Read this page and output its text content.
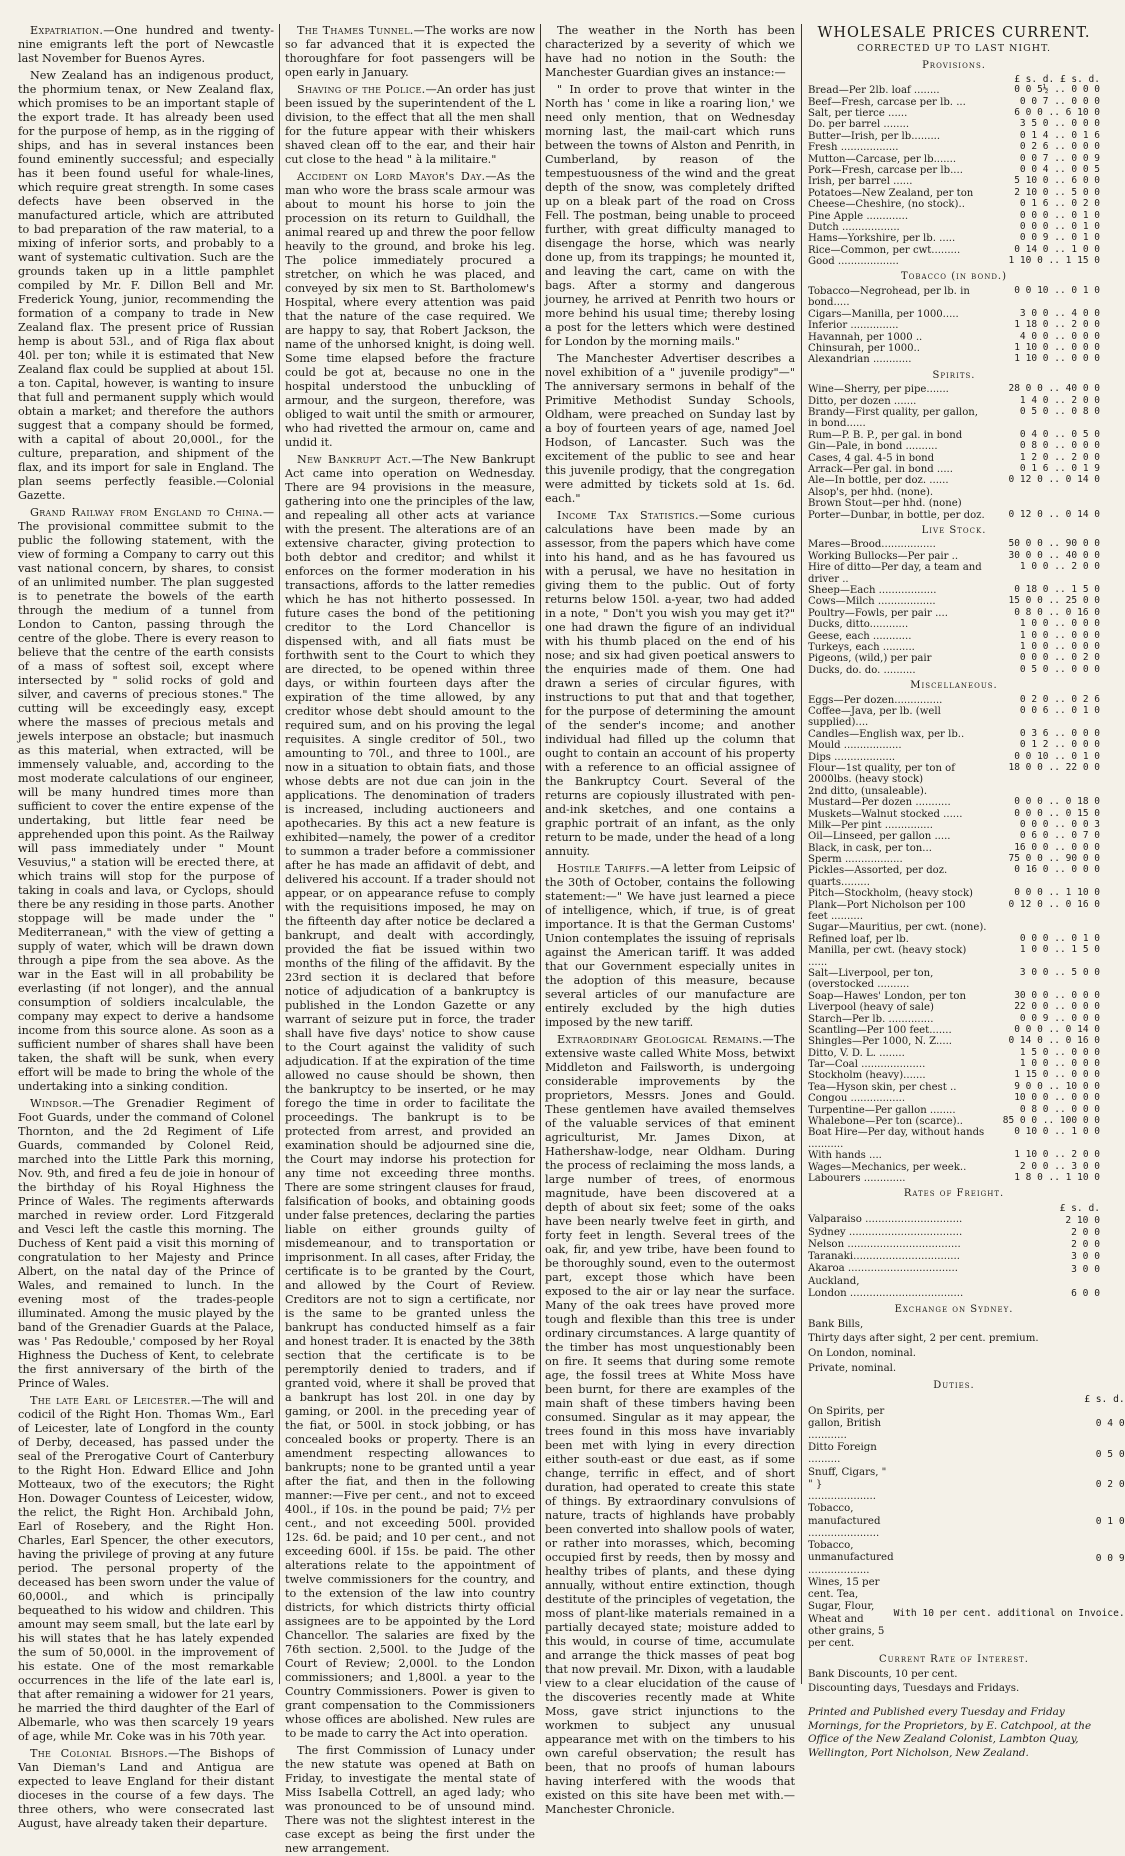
Expatriation.—One hundred and twenty-nine emigrants left the port of Newcastle last November for Buenos Ayres.

New Zealand has an indigenous product, the phormium tenax, or New Zealand flax, which promises to be an important staple of the export trade. It has already been used for the purpose of hemp, as in the rigging of ships, and has in several instances been found eminently successful; and especially has it been found useful for whale-lines, which require great strength. In some cases defects have been observed in the manufactured article, which are attributed to bad preparation of the raw material, to a mixing of inferior sorts, and probably to a want of systematic cultivation. Such are the grounds taken up in a little pamphlet compiled by Mr. F. Dillon Bell and Mr. Frederick Young, junior, recommending the formation of a company to trade in New Zealand flax. The present price of Russian hemp is about 53l., and of Riga flax about 40l. per ton; while it is estimated that New Zealand flax could be supplied at about 15l. a ton. Capital, however, is wanting to insure that full and permanent supply which would obtain a market; and therefore the authors suggest that a company should be formed, with a capital of about 20,000l., for the culture, preparation, and shipment of the flax, and its import for sale in England. The plan seems perfectly feasible.—Colonial Gazette.

Grand Railway from England to China.—The provisional committee submit to the public the following statement, with the view of forming a Company to carry out this vast national concern, by shares, to consist of an unlimited number. The plan suggested is to penetrate the bowels of the earth through the medium of a tunnel from London to Canton, passing through the centre of the globe. There is every reason to believe that the centre of the earth consists of a mass of softest soil, except where intersected by " solid rocks of gold and silver, and caverns of precious stones." The cutting will be exceedingly easy, except where the masses of precious metals and jewels interpose an obstacle; but inasmuch as this material, when extracted, will be immensely valuable, and, according to the most moderate calculations of our engineer, will be many hundred times more than sufficient to cover the entire expense of the undertaking, but little fear need be apprehended upon this point. As the Railway will pass immediately under " Mount Vesuvius," a station will be erected there, at which trains will stop for the purpose of taking in coals and lava, or Cyclops, should there be any residing in those parts. Another stoppage will be made under the " Mediterranean," with the view of getting a supply of water, which will be drawn down through a pipe from the sea above. As the war in the East will in all probability be everlasting (if not longer), and the annual consumption of soldiers incalculable, the company may expect to derive a handsome income from this source alone. As soon as a sufficient number of shares shall have been taken, the shaft will be sunk, when every effort will be made to bring the whole of the undertaking into a sinking condition.

Windsor.—The Grenadier Regiment of Foot Guards, under the command of Colonel Thornton, and the 2d Regiment of Life Guards, commanded by Colonel Reid, marched into the Little Park this morning, Nov. 9th, and fired a feu de joie in honour of the birthday of his Royal Highness the Prince of Wales. The regiments afterwards marched in review order. Lord Fitzgerald and Vesci left the castle this morning. The Duchess of Kent paid a visit this morning of congratulation to her Majesty and Prince Albert, on the natal day of the Prince of Wales, and remained to lunch. In the evening most of the trades-people illuminated. Among the music played by the band of the Grenadier Guards at the Palace, was ' Pas Redouble,' composed by her Royal Highness the Duchess of Kent, to celebrate the first anniversary of the birth of the Prince of Wales.

The late Earl of Leicester.—The will and codicil of the Right Hon. Thomas Wm., Earl of Leicester, late of Longford in the county of Derby, deceased, has passed under the seal of the Prerogative Court of Canterbury to the Right Hon. Edward Ellice and John Motteaux, two of the executors; the Right Hon. Dowager Countess of Leicester, widow, the relict, the Right Hon. Archibald John, Earl of Rosebery, and the Right Hon. Charles, Earl Spencer, the other executors, having the privilege of proving at any future period. The personal property of the deceased has been sworn under the value of 60,000l., and which is principally bequeathed to his widow and children. This amount may seem small, but the late earl by his will states that he has lately expended the sum of 50,000l. in the improvement of his estate. One of the most remarkable occurrences in the life of the late earl is, that after remaining a widower for 21 years, he married the third daughter of the Earl of Albemarle, who was then scarcely 19 years of age, while Mr. Coke was in his 70th year.

The Colonial Bishops.—The Bishops of Van Dieman's Land and Antigua are expected to leave England for their distant dioceses in the course of a few days. The three others, who were consecrated last August, have already taken their departure.

The Thames Tunnel.—The works are now so far advanced that it is expected the thoroughfare for foot passengers will be open early in January.

Shaving of the Police.—An order has just been issued by the superintendent of the L division, to the effect that all the men shall for the future appear with their whiskers shaved clean off to the ear, and their hair cut close to the head " à la militaire."

Accident on Lord Mayor's Day.—As the man who wore the brass scale armour was about to mount his horse to join the procession on its return to Guildhall, the animal reared up and threw the poor fellow heavily to the ground, and broke his leg. The police immediately procured a stretcher, on which he was placed, and conveyed by six men to St. Bartholomew's Hospital, where every attention was paid that the nature of the case required. We are happy to say, that Robert Jackson, the name of the unhorsed knight, is doing well. Some time elapsed before the fracture could be got at, because no one in the hospital understood the unbuckling of armour, and the surgeon, therefore, was obliged to wait until the smith or armourer, who had rivetted the armour on, came and undid it.

New Bankrupt Act.—The New Bankrupt Act came into operation on Wednesday. There are 94 provisions in the measure, gathering into one the principles of the law, and repealing all other acts at variance with the present. The alterations are of an extensive character, giving protection to both debtor and creditor; and whilst it enforces on the former moderation in his transactions, affords to the latter remedies which he has not hitherto possessed. In future cases the bond of the petitioning creditor to the Lord Chancellor is dispensed with, and all fiats must be forthwith sent to the Court to which they are directed, to be opened within three days, or within fourteen days after the expiration of the time allowed, by any creditor whose debt should amount to the required sum, and on his proving the legal requisites. A single creditor of 50l., two amounting to 70l., and three to 100l., are now in a situation to obtain fiats, and those whose debts are not due can join in the applications. The denomination of traders is increased, including auctioneers and apothecaries. By this act a new feature is exhibited—namely, the power of a creditor to summon a trader before a commissioner after he has made an affidavit of debt, and delivered his account. If a trader should not appear, or on appearance refuse to comply with the requisitions imposed, he may on the fifteenth day after notice be declared a bankrupt, and dealt with accordingly, provided the fiat be issued within two months of the filing of the affidavit. By the 23rd section it is declared that before notice of adjudication of a bankruptcy is published in the London Gazette or any warrant of seizure put in force, the trader shall have five days' notice to show cause to the Court against the validity of such adjudication. If at the expiration of the time allowed no cause should be shown, then the bankruptcy to be inserted, or he may forego the time in order to facilitate the proceedings. The bankrupt is to be protected from arrest, and provided an examination should be adjourned sine die, the Court may indorse his protection for any time not exceeding three months. There are some stringent clauses for fraud, falsification of books, and obtaining goods under false pretences, declaring the parties liable on either grounds guilty of misdemeanour, and to transportation or imprisonment. In all cases, after Friday, the certificate is to be granted by the Court, and allowed by the Court of Review. Creditors are not to sign a certificate, nor is the same to be granted unless the bankrupt has conducted himself as a fair and honest trader. It is enacted by the 38th section that the certificate is to be peremptorily denied to traders, and if granted void, where it shall be proved that a bankrupt has lost 20l. in one day by gaming, or 200l. in the preceding year of the fiat, or 500l. in stock jobbing, or has concealed books or property. There is an amendment respecting allowances to bankrupts; none to be granted until a year after the fiat, and then in the following manner:—Five per cent., and not to exceed 400l., if 10s. in the pound be paid; 7½ per cent., and not exceeding 500l. provided 12s. 6d. be paid; and 10 per cent., and not exceeding 600l. if 15s. be paid. The other alterations relate to the appointment of twelve commissioners for the country, and to the extension of the law into country districts, for which districts thirty official assignees are to be appointed by the Lord Chancellor. The salaries are fixed by the 76th section. 2,500l. to the Judge of the Court of Review; 2,000l. to the London commissioners; and 1,800l. a year to the Country Commissioners. Power is given to grant compensation to the Commissioners whose offices are abolished. New rules are to be made to carry the Act into operation.

The first Commission of Lunacy under the new statute was opened at Bath on Friday, to investigate the mental state of Miss Isabella Cottrell, an aged lady; who was pronounced to be of unsound mind. There was not the slightest interest in the case except as being the first under the new arrangement.

The weather in the North has been characterized by a severity of which we have had no notion in the South: the Manchester Guardian gives an instance:—

" In order to prove that winter in the North has ' come in like a roaring lion,' we need only mention, that on Wednesday morning last, the mail-cart which runs between the towns of Alston and Penrith, in Cumberland, by reason of the tempestuousness of the wind and the great depth of the snow, was completely drifted up on a bleak part of the road on Cross Fell. The postman, being unable to proceed further, with great difficulty managed to disengage the horse, which was nearly done up, from its trappings; he mounted it, and leaving the cart, came on with the bags. After a stormy and dangerous journey, he arrived at Penrith two hours or more behind his usual time; thereby losing a post for the letters which were destined for London by the morning mails."

The Manchester Advertiser describes a novel exhibition of a " juvenile prodigy"—" The anniversary sermons in behalf of the Primitive Methodist Sunday Schools, Oldham, were preached on Sunday last by a boy of fourteen years of age, named Joel Hodson, of Lancaster. Such was the excitement of the public to see and hear this juvenile prodigy, that the congregation were admitted by tickets sold at 1s. 6d. each."

Income Tax Statistics.—Some curious calculations have been made by an assessor, from the papers which have come into his hand, and as he has favoured us with a perusal, we have no hesitation in giving them to the public. Out of forty returns below 150l. a-year, two had added in a note, " Don't you wish you may get it?" one had drawn the figure of an individual with his thumb placed on the end of his nose; and six had given poetical answers to the enquiries made of them. One had drawn a series of circular figures, with instructions to put that and that together, for the purpose of determining the amount of the sender's income; and another individual had filled up the column that ought to contain an account of his property with a reference to an official assignee of the Bankruptcy Court. Several of the returns are copiously illustrated with pen-and-ink sketches, and one contains a graphic portrait of an infant, as the only return to be made, under the head of a long annuity.

Hostile Tariffs.—A letter from Leipsic of the 30th of October, contains the following statement:—" We have just learned a piece of intelligence, which, if true, is of great importance. It is that the German Customs' Union contemplates the issuing of reprisals against the American tariff. It was added that our Government especially unites in the adoption of this measure, because several articles of our manufacture are entirely excluded by the high duties imposed by the new tariff.

Extraordinary Geological Remains.—The extensive waste called White Moss, betwixt Middleton and Failsworth, is undergoing considerable improvements by the proprietors, Messrs. Jones and Gould. These gentlemen have availed themselves of the valuable services of that eminent agriculturist, Mr. James Dixon, at Hathershaw-lodge, near Oldham. During the process of reclaiming the moss lands, a large number of trees, of enormous magnitude, have been discovered at a depth of about six feet; some of the oaks have been nearly twelve feet in girth, and forty feet in length. Several trees of the oak, fir, and yew tribe, have been found to be thoroughly sound, even to the outermost part, except those which have been exposed to the air or lay near the surface. Many of the oak trees have proved more tough and flexible than this tree is under ordinary circumstances. A large quantity of the timber has most unquestionably been on fire. It seems that during some remote age, the fossil trees at White Moss have been burnt, for there are examples of the main shaft of these timbers having been consumed. Singular as it may appear, the trees found in this moss have invariably been met with lying in every direction either south-east or due east, as if some change, terrific in effect, and of short duration, had operated to create this state of things. By extraordinary convulsions of nature, tracts of highlands have probably been converted into shallow pools of water, or rather into morasses, which, becoming occupied first by reeds, then by mossy and healthy tribes of plants, and these dying annually, without entire extinction, though destitute of the principles of vegetation, the moss of plant-like materials remained in a partially decayed state; moisture added to this would, in course of time, accumulate and arrange the thick masses of peat bog that now prevail. Mr. Dixon, with a laudable view to a clear elucidation of the cause of the discoveries recently made at White Moss, gave strict injunctions to the workmen to subject any unusual appearance met with on the timbers to his own careful observation; the result has been, that no proofs of human labours having interfered with the woods that existed on this site have been met with.—Manchester Chronicle.

WHOLESALE PRICES CURRENT.
CORRECTED UP TO LAST NIGHT.
Provisions.
	£ s. d. £ s. d.
Bread—Per 2lb. loaf ........	0 0 5½ .. 0 0 0
Beef—Fresh, carcase per lb. ...	0 0 7 .. 0 0 0
Salt, per tierce ......	6 0 0 .. 6 10 0
Do. per barrel ........	3 5 0 .. 0 0 0
Butter—Irish, per lb.........	0 1 4 .. 0 1 6
Fresh ..................	0 2 6 .. 0 0 0
Mutton—Carcase, per lb.......	0 0 7 .. 0 0 9
Pork—Fresh, carcase per lb....	0 0 4 .. 0 0 5
Irish, per barrel ......	5 10 0 .. 6 0 0
Potatoes—New Zealand, per ton	2 10 0 .. 5 0 0
Cheese—Cheshire, (no stock)..	0 1 6 .. 0 2 0
Pine Apple .............	0 0 0 .. 0 1 0
Dutch ..................	0 0 0 .. 0 1 0
Hams—Yorkshire, per lb. .....	0 0 9 .. 0 1 0
Rice—Common, per cwt.........	0 14 0 .. 1 0 0
Good ...................	1 10 0 .. 1 15 0
Tobacco (in bond.)
Tobacco—Negrohead, per lb. in bond.....	0 0 10 .. 0 1 0
Cigars—Manilla, per 1000.....	3 0 0 .. 4 0 0
Inferior ...............	1 18 0 .. 2 0 0
Havannah, per 1000 ..	4 0 0 .. 0 0 0
Chinsurah, per 1000..	1 10 0 .. 0 0 0
Alexandrian ............	1 10 0 .. 0 0 0
Spirits.
Wine—Sherry, per pipe.......	28 0 0 .. 40 0 0
Ditto, per dozen .......	1 4 0 .. 2 0 0
Brandy—First quality, per gallon, in bond......	0 5 0 .. 0 8 0
Rum—P. B. P., per gal. in bond	0 4 0 .. 0 5 0
Gin—Pale, in bond ..........	0 8 0 .. 0 0 0
Cases, 4 gal. 4-5 in bond	1 2 0 .. 2 0 0
Arrack—Per gal. in bond .....	0 1 6 .. 0 1 9
Ale—In bottle, per doz. ......	0 12 0 .. 0 14 0
Alsop's, per hhd. (none).	
Brown Stout—per hhd. (none)	
Porter—Dunbar, in bottle, per doz.	0 12 0 .. 0 14 0
Live Stock.
Mares—Brood.................	50 0 0 .. 90 0 0
Working Bullocks—Per pair ..	30 0 0 .. 40 0 0
Hire of ditto—Per day, a team and driver ..	1 0 0 .. 2 0 0
Sheep—Each ..................	0 18 0 .. 1 5 0
Cows—Milch ..................	15 0 0 .. 25 0 0
Poultry—Fowls, per pair ....	0 8 0 .. 0 16 0
Ducks, ditto............	1 0 0 .. 0 0 0
Geese, each ............	1 0 0 .. 0 0 0
Turkeys, each ..........	1 0 0 .. 0 0 0
Pigeons, (wild,) per pair	0 0 0 .. 0 2 0
Ducks, do. do. ..........	0 5 0 .. 0 0 0
Miscellaneous.
Eggs—Per dozen...............	0 2 0 .. 0 2 6
Coffee—Java, per lb. (well supplied)....	0 0 6 .. 0 1 0
Candles—English wax, per lb..	0 3 6 .. 0 0 0
Mould ..................	0 1 2 .. 0 0 0
Dips ...................	0 0 10 .. 0 1 0
Flour—1st quality, per ton of 2000lbs. (heavy stock)	18 0 0 .. 22 0 0
2nd ditto, (unsaleable).	
Mustard—Per dozen ...........	0 0 0 .. 0 18 0
Muskets—Walnut stocked ......	0 0 0 .. 0 15 0
Milk—Per pint ...............	0 0 0 .. 0 0 3
Oil—Linseed, per gallon .....	0 6 0 .. 0 7 0
Black, in cask, per ton...	16 0 0 .. 0 0 0
Sperm ..................	75 0 0 .. 90 0 0
Pickles—Assorted, per doz. quarts.........	0 16 0 .. 0 0 0
Pitch—Stockholm, (heavy stock)	0 0 0 .. 1 10 0
Plank—Port Nicholson per 100 feet ..........	0 12 0 .. 0 16 0
Sugar—Mauritius, per cwt. (none).	
Refined loaf, per lb.	0 0 0 .. 0 1 0
Manilla, per cwt. (heavy stock) ......	1 0 0 .. 1 5 0
Salt—Liverpool, per ton, (overstocked ..........	3 0 0 .. 5 0 0
Soap—Hawes' London, per ton	30 0 0 .. 0 0 0
Liverpool (heavy of sale)	22 0 0 .. 0 0 0
Starch—Per lb. ..............	0 0 9 .. 0 0 0
Scantling—Per 100 feet.......	0 0 0 .. 0 14 0
Shingles—Per 1000, N. Z.....	0 14 0 .. 0 16 0
Ditto, V. D. L. ........	1 5 0 .. 0 0 0
Tar—Coal ....................	1 0 0 .. 0 0 0
Stockholm (heavy).......	1 15 0 .. 0 0 0
Tea—Hyson skin, per chest ..	9 0 0 .. 10 0 0
Congou .................	10 0 0 .. 0 0 0
Turpentine—Per gallon ........	0 8 0 .. 0 0 0
Whalebone—Per ton (scarce)..	85 0 0 .. 100 0 0
Boat Hire—Per day, without hands ...........	0 10 0 .. 1 0 0
With hands ....	1 10 0 .. 2 0 0
Wages—Mechanics, per week..	2 0 0 .. 3 0 0
Labourers .............	1 8 0 .. 1 10 0
Rates of Freight.
	£ s. d.
Valparaiso ..............................	2 10 0
Sydney ...................................	2 0 0
Nelson ...................................	2 0 0
Taranaki.................................	3 0 0
Akaroa ..................................	3 0 0
Auckland,	
London ...................................	6 0 0
Exchange on Sydney.
Bank Bills,
Thirty days after sight, 2 per cent. premium.
On London, nominal.
Private, nominal.
Duties.
	£ s. d.
On Spirits, per gallon, British ............	0 4 0
Ditto Foreign ..........	0 5 0
Snuff, Cigars, " " } .....................	0 2 0
Tobacco, manufactured ......................	0 1 0
Tobacco, unmanufactured ...................	0 0 9
Wines, 15 per cent. Tea, Sugar, Flour, Wheat and other grains, 5 per cent.	With 10 per cent. additional on Invoice.
Current Rate of Interest.
Bank Discounts, 10 per cent.
Discounting days, Tuesdays and Fridays.
Printed and Published every Tuesday and Friday Mornings, for the Proprietors, by E. Catchpool, at the Office of the New Zealand Colonist, Lambton Quay, Wellington, Port Nicholson, New Zealand.
